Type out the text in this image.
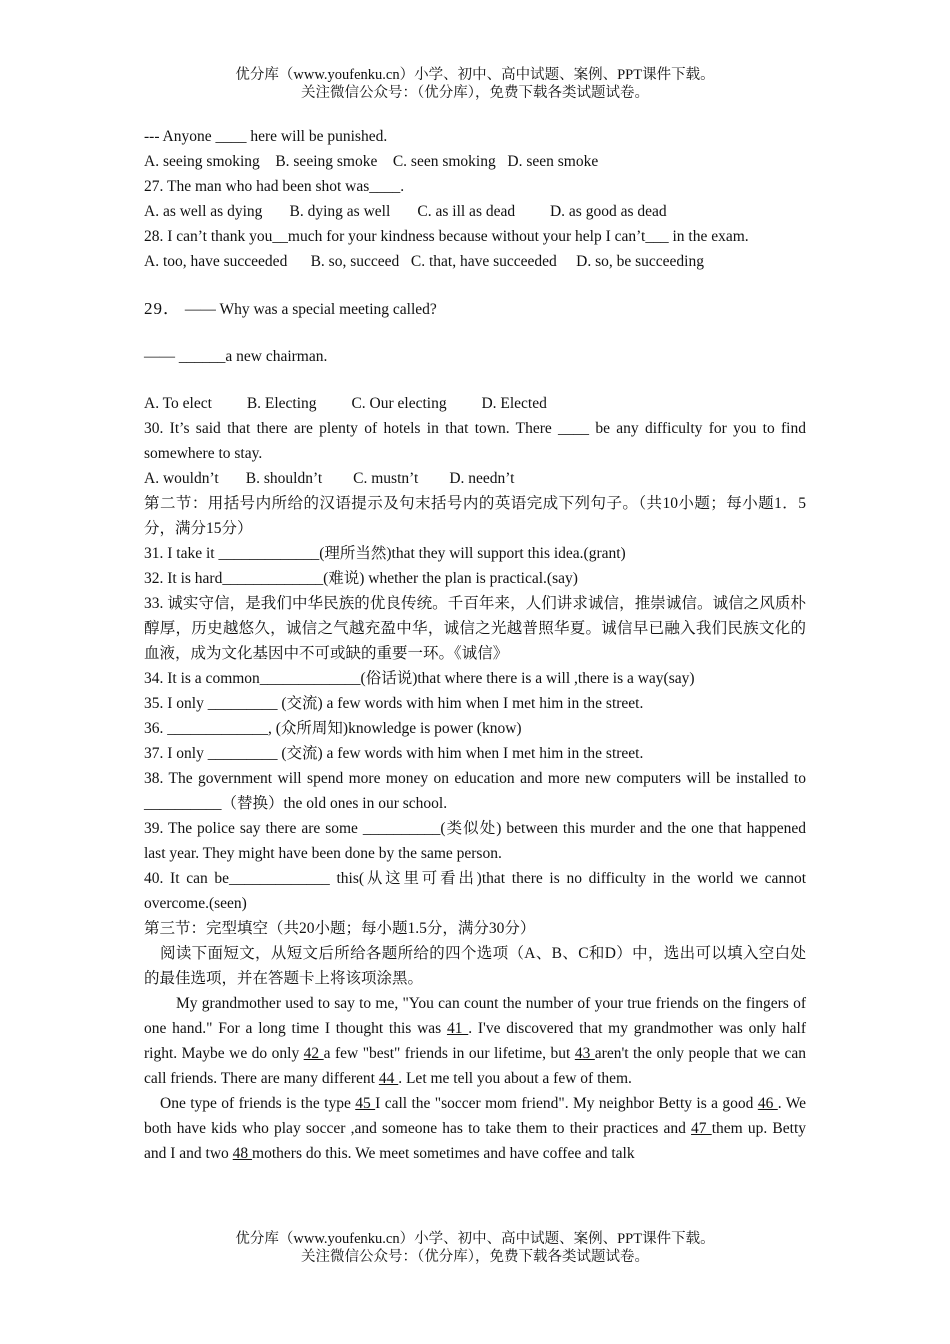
优分库（www.youfenku.cn）小学、初中、高中试题、案例、PPT课件下载。
关注微信公众号：（优分库），免费下载各类试题试卷。
--- Anyone ____ here will be punished.
A. seeing smoking B. seeing smoke C. seen smoking D. seen smoke
27. The man who had been shot was____.
A. as well as dying B. dying as well C. as ill as dead D. as good as dead
28. I can’t thank you__much for your kindness because without your help I can’t___ in the exam.
A. too, have succeeded B. so, succeed C. that, have succeeded D. so, be succeeding
29． —— Why was a special meeting called?
—— ______a new chairman.
A. To elect B. Electing C. Our electing D. Elected
30. It’s said that there are plenty of hotels in that town. There ____ be any difficulty for you to find somewhere to stay.
A. wouldn’t B. shouldn’t C. mustn’t D. needn’t
第二节：用括号内所给的汉语提示及句末括号内的英语完成下列句子。（共10小题；每小题1．5分，满分15分）
31. I take it _____________(理所当然)that they will support this idea.(grant)
32. It is hard_____________(难说) whether the plan is practical.(say)
33. 诚实守信，是我们中华民族的优良传统。千百年来，人们讲求诚信，推崇诚信。诚信之风质朴醇厚，历史越悠久，诚信之气越充盈中华，诚信之光越普照华夏。诚信早已融入我们民族文化的血液，成为文化基因中不可或缺的重要一环。《诚信》
34. It is a common_____________(俗话说)that where there is a will ,there is a way(say)
35. I only _________ (交流) a few words with him when I met him in the street.
36. _____________, (众所周知)knowledge is power (know)
37. I only _________ (交流) a few words with him when I met him in the street.
38. The government will spend more money on education and more new computers will be installed to __________（替换）the old ones in our school.
39. The police say there are some __________(类似处) between this murder and the one that happened last year. They might have been done by the same person.
40. It can be_____________ this(从这里可看出)that there is no difficulty in the world we cannot overcome.(seen)
第三节：完型填空（共20小题；每小题1.5分，满分30分）
阅读下面短文，从短文后所给各题所给的四个选项（A、B、C和D）中，选出可以填入空白处的最佳选项，并在答题卡上将该项涂黑。
My grandmother used to say to me, "You can count the number of your true friends on the fingers of one hand." For a long time I thought this was 41 . I've discovered that my grandmother was only half right. Maybe we do only 42 a few "best" friends in our lifetime, but 43 aren't the only people that we can call friends. There are many different 44 . Let me tell you about a few of them.
One type of friends is the type 45 I call the "soccer mom friend". My neighbor Betty is a good 46 . We both have kids who play soccer ,and someone has to take them to their practices and 47 them up. Betty and I and two 48 mothers do this. We meet sometimes and have coffee and talk
优分库（www.youfenku.cn）小学、初中、高中试题、案例、PPT课件下载。
关注微信公众号：（优分库），免费下载各类试题试卷。
